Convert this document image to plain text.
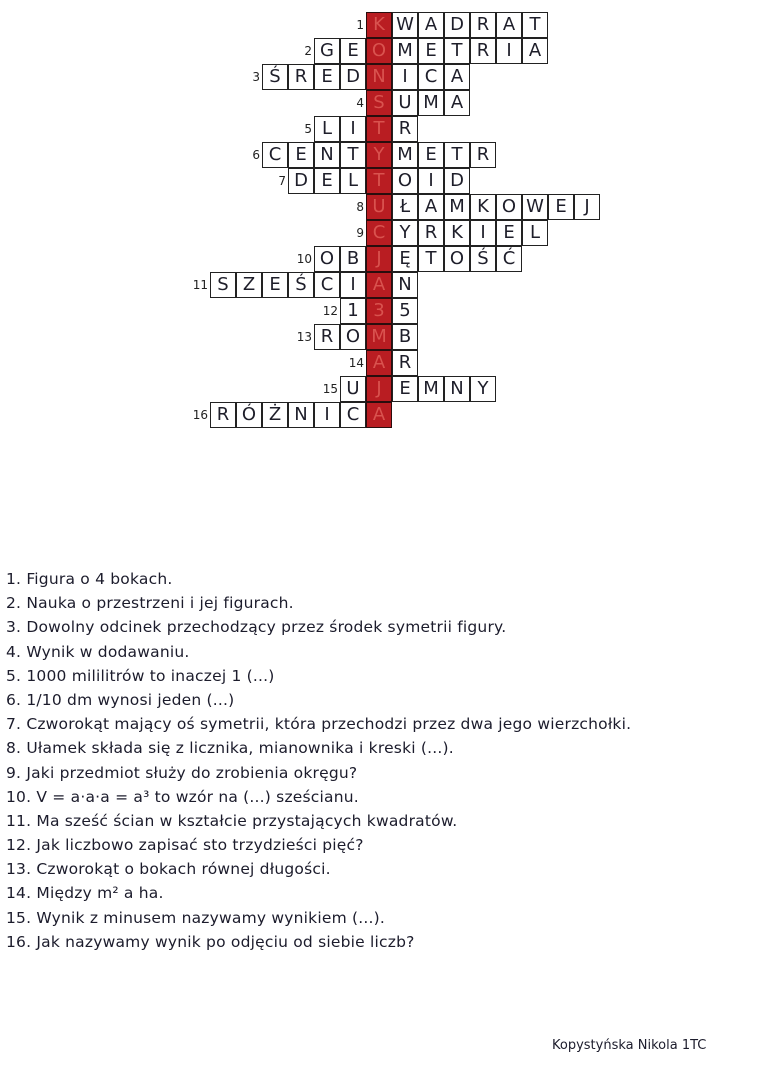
1 K W A D R A T
2 G E O M E T R I A
3 Ś R E D N I C A
4 S U M A
5 L	I T R
6 C E N T Y M E T R
7 D E L T O I D
8 U Ł A M K O W E J
9 C Y R K I E L
10 O B J Ę T O Ś Ć
11 S Z E Ś C I A N
12 1 3 5
13 R O M B
14 A R
15 U J E M N Y
16 R Ó Ż N I C A
1. Figura o 4 bokach.
2. Nauka o przestrzeni i jej figurach.
3. Dowolny odcinek przechodzący przez środek symetrii figury.
4. Wynik w dodawaniu.
5. 1000 mililitrów to inaczej 1 (...)
6. 1/10 dm wynosi jeden (...)
7. Czworokąt mający oś symetrii, która przechodzi przez dwa jego wierzchołki.
8. Ułamek składa się z licznika, mianownika i kreski (...).
9. Jaki przedmiot służy do zrobienia okręgu?
10. V = a·a·a = a³ to wzór na (...) sześcianu.
11. Ma sześć ścian w kształcie przystających kwadratów.
12. Jak liczbowo zapisać sto trzydzieści pięć?
13. Czworokąt o bokach równej długości.
14. Między m² a ha.
15. Wynik z minusem nazywamy wynikiem (...).
16. Jak nazywamy wynik po odjęciu od siebie liczb?
Kopystyńska Nikola 1TC
